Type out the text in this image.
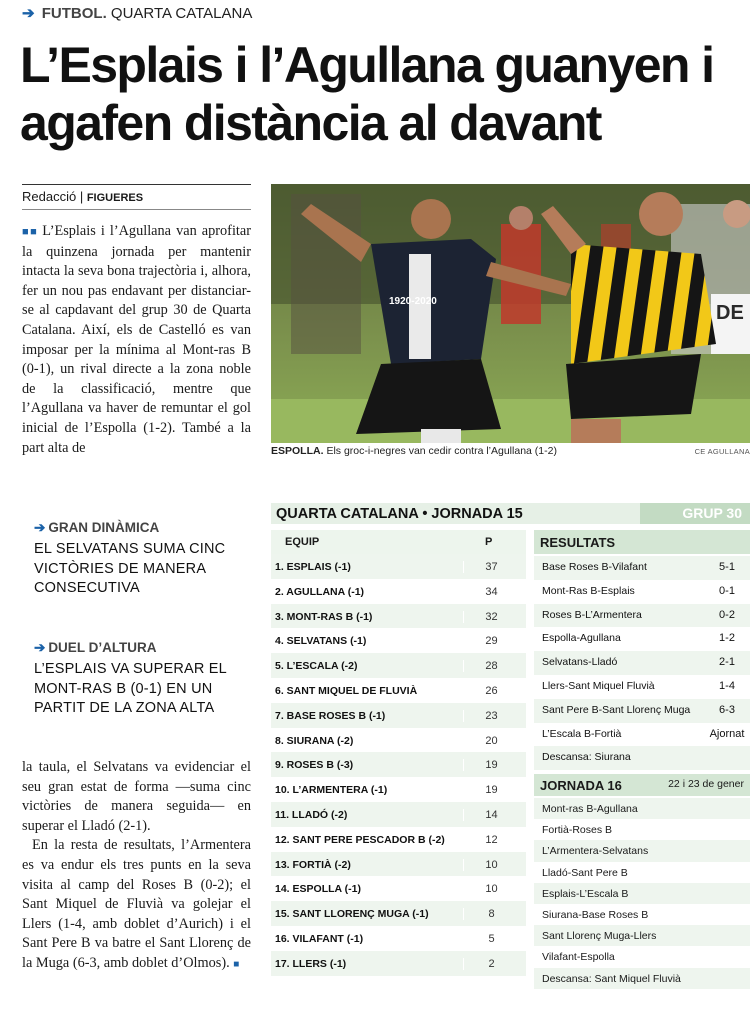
➔ FUTBOL. QUARTA CATALANA
L’Esplais i l’Agullana guanyen i agafen distància al davant
Redacció | FIGUERES

■■ L’Esplais i l’Agullana van aprofitar la quinzena jornada per mantenir intacta la seva bona trajectòria i, alhora, fer un nou pas endavant per distanciar-se al capdavant del grup 30 de Quarta Catalana. Així, els de Castelló es van imposar per la mínima al Mont-ras B (0-1), un rival directe a la zona noble de la classificació, mentre que l’Agullana va haver de remuntar el gol inicial de l’Espolla (1-2). També a la part alta de

➔ GRAN DINÀMICA
EL SELVATANS SUMA CINC VICTÒRIES DE MANERA CONSECUTIVA
➔ DUEL D’ALTURA
L’ESPLAIS VA SUPERAR EL MONT-RAS B (0-1) EN UN PARTIT DE LA ZONA ALTA
la taula, el Selvatans va evidenciar el seu gran estat de forma —suma cinc victòries de manera seguida— en superar el Lladó (2-1).
En la resta de resultats, l’Armentera es va endur els tres punts en la seva visita al camp del Roses B (0-2); el Sant Miquel de Fluvià va golejar el Llers (1-4, amb doblet d’Aurich) i el Sant Pere B va batre el Sant Llorenç de la Muga (6-3, amb doblet d’Olmos). ■
1920-2020
DE
ESPOLLA. Els groc-i-negres van cedir contra l’Agullana (1-2)	CE AGULLANA
QUARTA CATALANA • JORNADA 15	GRUP 30
EQUIP	P
1. ESPLAIS (-1)	37
2. AGULLANA (-1)	34
3. MONT-RAS B (-1)	32
4. SELVATANS (-1)	29
5. L’ESCALA (-2)	28
6. SANT MIQUEL DE FLUVIÀ	26
7. BASE ROSES B (-1)	23
8. SIURANA (-2)	20
9. ROSES B (-3)	19
10. L’ARMENTERA (-1)	19
11. LLADÓ (-2)	14
12. SANT PERE PESCADOR B (-2)	12
13. FORTIÀ (-2)	10
14. ESPOLLA (-1)	10
15. SANT LLORENÇ MUGA (-1)	8
16. VILAFANT (-1)	5
17. LLERS (-1)	2
RESULTATS
Base Roses B-Vilafant	5-1
Mont-Ras B-Esplais	0-1
Roses B-L’Armentera	0-2
Espolla-Agullana	1-2
Selvatans-Lladó	2-1
Llers-Sant Miquel Fluvià	1-4
Sant Pere B-Sant Llorenç Muga	6-3
L’Escala B-Fortià	Ajornat
Descansa: Siurana
JORNADA 16	22 i 23 de gener
Mont-ras B-Agullana
Fortià-Roses B
L’Armentera-Selvatans
Lladó-Sant Pere B
Esplais-L’Escala B
Siurana-Base Roses B
Sant Llorenç Muga-Llers
Vilafant-Espolla
Descansa: Sant Miquel Fluvià
